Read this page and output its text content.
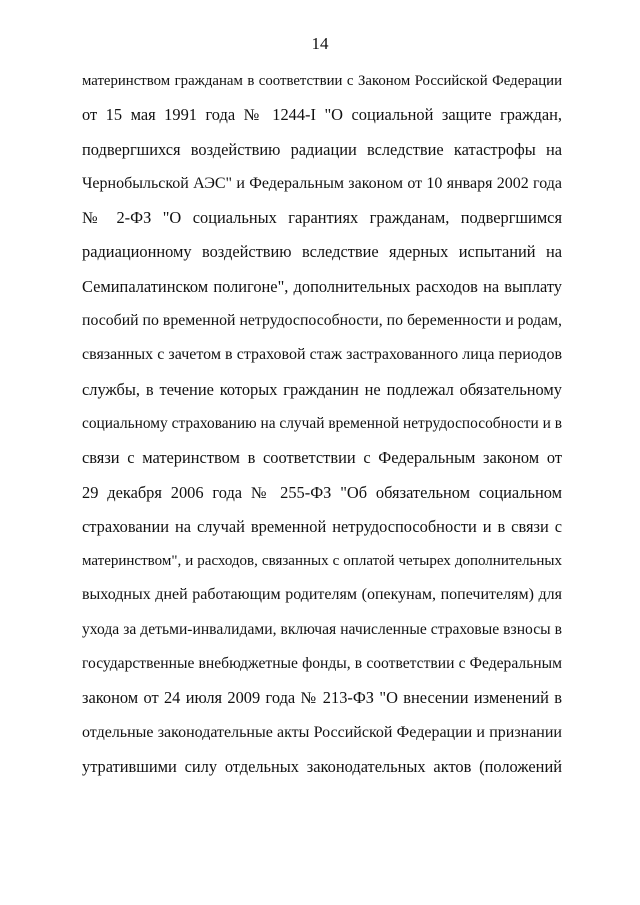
14
материнством гражданам в соответствии с Законом Российской Федерации
от 15 мая 1991 года № 1244-I "О социальной защите граждан,
подвергшихся воздействию радиации вследствие катастрофы на
Чернобыльской АЭС" и Федеральным законом от 10 января 2002 года
№ 2-ФЗ "О социальных гарантиях гражданам, подвергшимся
радиационному воздействию вследствие ядерных испытаний на
Семипалатинском полигоне", дополнительных расходов на выплату
пособий по временной нетрудоспособности, по беременности и родам,
связанных с зачетом в страховой стаж застрахованного лица периодов
службы, в течение которых гражданин не подлежал обязательному
социальному страхованию на случай временной нетрудоспособности и в
связи с материнством в соответствии с Федеральным законом от
29 декабря 2006 года № 255-ФЗ "Об обязательном социальном
страховании на случай временной нетрудоспособности и в связи с
материнством", и расходов, связанных с оплатой четырех дополнительных
выходных дней работающим родителям (опекунам, попечителям) для
ухода за детьми-инвалидами, включая начисленные страховые взносы в
государственные внебюджетные фонды, в соответствии с Федеральным
законом от 24 июля 2009 года № 213-ФЗ "О внесении изменений в
отдельные законодательные акты Российской Федерации и признании
утратившими силу отдельных законодательных актов (положений
